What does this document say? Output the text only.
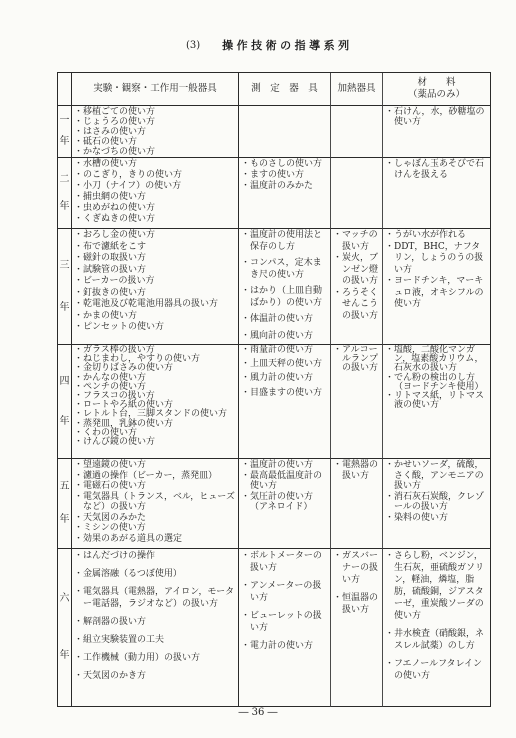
(3) 操作技術の指導系列
実験・観察・工作用一般器具	測　定　器　具 加熱器具
材　　料
（薬品のみ）
一
年
・移植ごての使い方
・じょうろの使い方
・はさみの使い方
・砥石の使い方
・かなづちの使い方
・石けん，水，砂糖塩の使い方
二
年
・水槽の使い方
・のこぎり，きりの使い方
・小刀（ナイフ）の使い方
・捕虫網の使い方
・虫めがねの使い方
・くぎぬきの使い方
・ものさしの使い方
・ますの使い方
・温度計のみかた
・しゃぼん玉あそびで石けんを扱える
三
年
・おろし金の使い方
・布で濾紙をこす
・磁針の取扱い方
・試験管の扱い方
・ビーカーの扱い方
・釘抜きの使い方
・乾電池及び乾電池用器具の扱い方
・かまの使い方
・ピンセットの使い方
・温度計の使用法と保存のし方
・コンパス，定木まき尺の使い方
・はかり（上皿自動ばかり）の使い方
・体温計の使い方
・風向計の使い方
・マッチの扱い方
・炭火，ブンゼン燈の扱い方
・ろうそくせんこうの扱い方
・うがい水が作れる
・DDT，BHC，ナフタリン，しょうのうの扱い方
・ヨードチンキ，マーキュロ液，オキシフルの使い方
四
年
・ガラス棒の扱い方
・ねじまわし，やすりの使い方
・金切りばさみの使い方
・かんなの使い方
・ペンチの使い方
・フラスコの扱い方
・ロートやろ紙の使い方
・レトルト台，三脚スタンドの使い方
・蒸発皿，乳鉢の使い方
・くわの使い方
・けんび鏡の使い方
・雨量計の使い方
・上皿天秤の使い方
・風力計の使い方
・目盛ますの使い方
・アルコールランプの扱い方
・塩酸，二酸化マンガン，塩素酸カリウム，石灰水の扱い方
・でん粉の検出のし方（ヨードチンキ使用）
・リトマス紙，リトマス液の使い方
五
年
・望遠鏡の使い方
・濾過の操作（ビーカー，蒸発皿）
・電磁石の使い方
・電気器具（トランス，ベル，ヒューズなど）の扱い方
・天気図のみかた
・ミシンの使い方
・効果のあがる道具の選定
・温度計の使い方
・最高最低温度計の使い方
・気圧計の使い方（アネロイド）
・電熱器の扱い方
・かせいソーダ，硫酸，さく酸，アンモニアの扱い方
・消石灰石炭酸，クレゾールの扱い方
・染料の使い方
六
年
・はんだづけの操作
・金属溶融（るつぼ使用）
・電気器具（電熱器，アイロン，モーター電話器，ラジオなど）の扱い方
・解剖器の扱い方
・組立実験装置の工夫
・工作機械（動力用）の扱い方
・天気図のかき方
・ボルトメーターの扱い方
・アンメーターの扱い方
・ビューレットの扱い方
・電力計の使い方
・ガスバーナーの扱い方
・恒温器の扱い方
・さらし粉，ベンジン，生石灰，亜硫酸ガソリン，軽油，燐塩，脂肪，硫酸銅，ジアスターゼ，重炭酸ソーダの使い方
・井水検査（硝酸銀，ネスレル試薬）のし方
・フエノールフタレインの使い方
― 36 ―
